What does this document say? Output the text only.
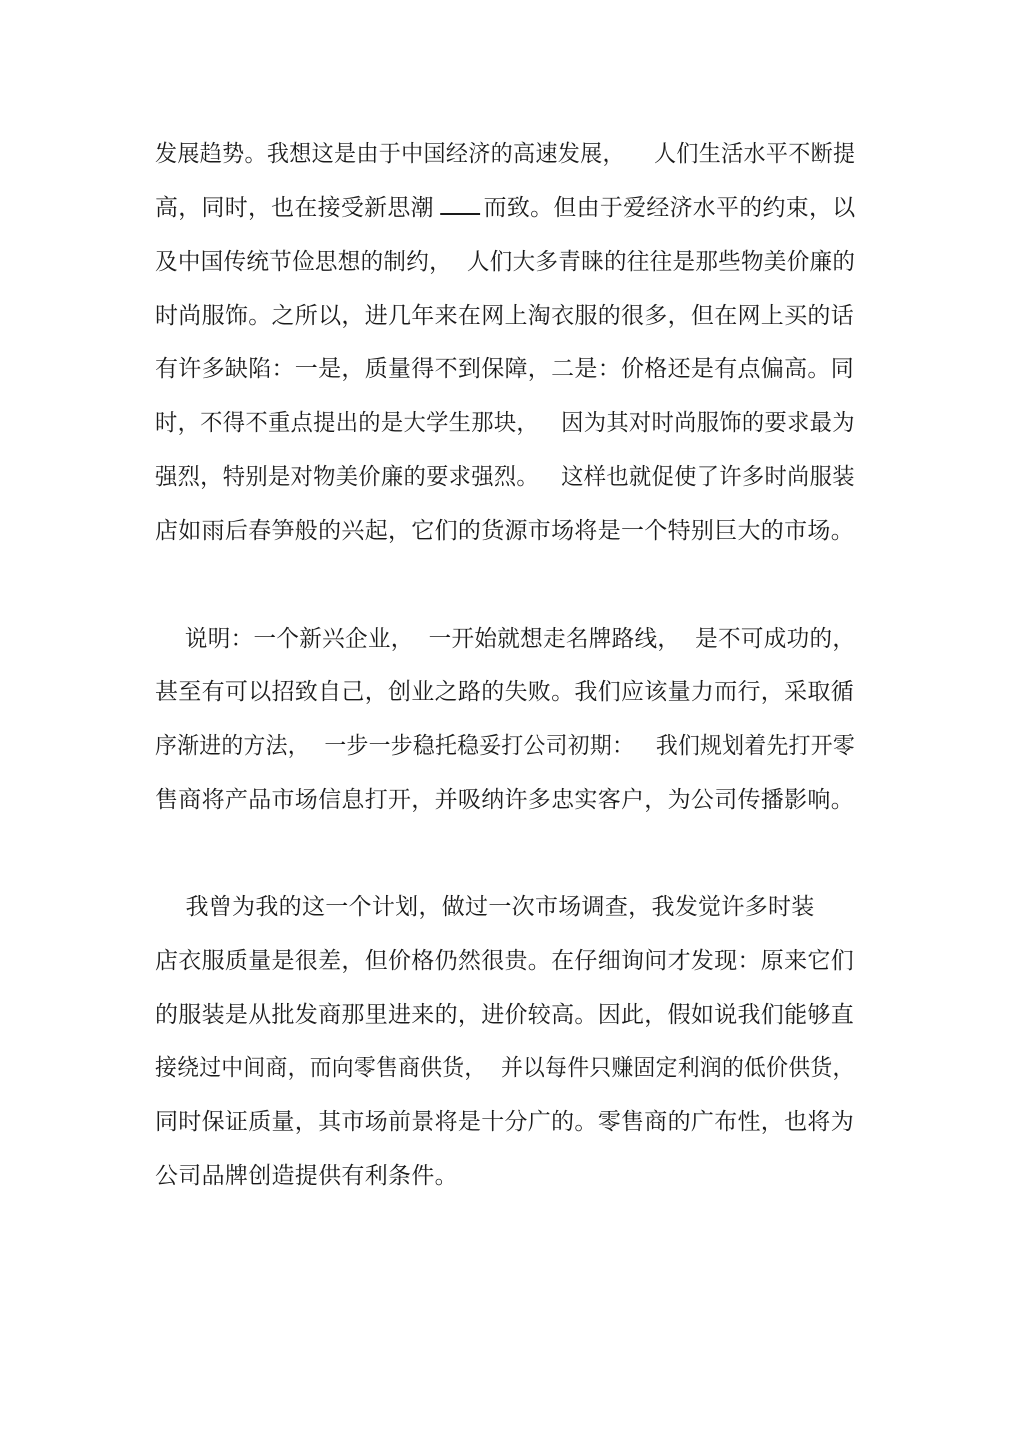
发展趋势。我想这是由于中国经济的高速发展，    人们生活水平不断提
高，同时，也在接受新思潮 而致。但由于爱经济水平的约束，以
及中国传统节俭思想的制约，  人们大多青睐的往往是那些物美价廉的
时尚服饰。之所以，进几年来在网上淘衣服的很多，但在网上买的话
有许多缺陷：一是，质量得不到保障，二是：价格还是有点偏高。同
时，不得不重点提出的是大学生那块，   因为其对时尚服饰的要求最为
强烈，特别是对物美价廉的要求强烈。   这样也就促使了许多时尚服装
店如雨后春笋般的兴起，它们的货源市场将是一个特别巨大的市场。
说明：一个新兴企业，  一开始就想走名牌路线，  是不可成功的，
甚至有可以招致自己，创业之路的失败。我们应该量力而行，采取循
序渐进的方法，  一步一步稳托稳妥打公司初期：   我们规划着先打开零
售商将产品市场信息打开，并吸纳许多忠实客户，为公司传播影响。
我曾为我的这一个计划，做过一次市场调查，我发觉许多时装
店衣服质量是很差，但价格仍然很贵。在仔细询问才发现：原来它们
的服装是从批发商那里进来的，进价较高。因此，假如说我们能够直
接绕过中间商，而向零售商供货，  并以每件只赚固定利润的低价供货，
同时保证质量，其市场前景将是十分广的。零售商的广布性，也将为
公司品牌创造提供有利条件。
